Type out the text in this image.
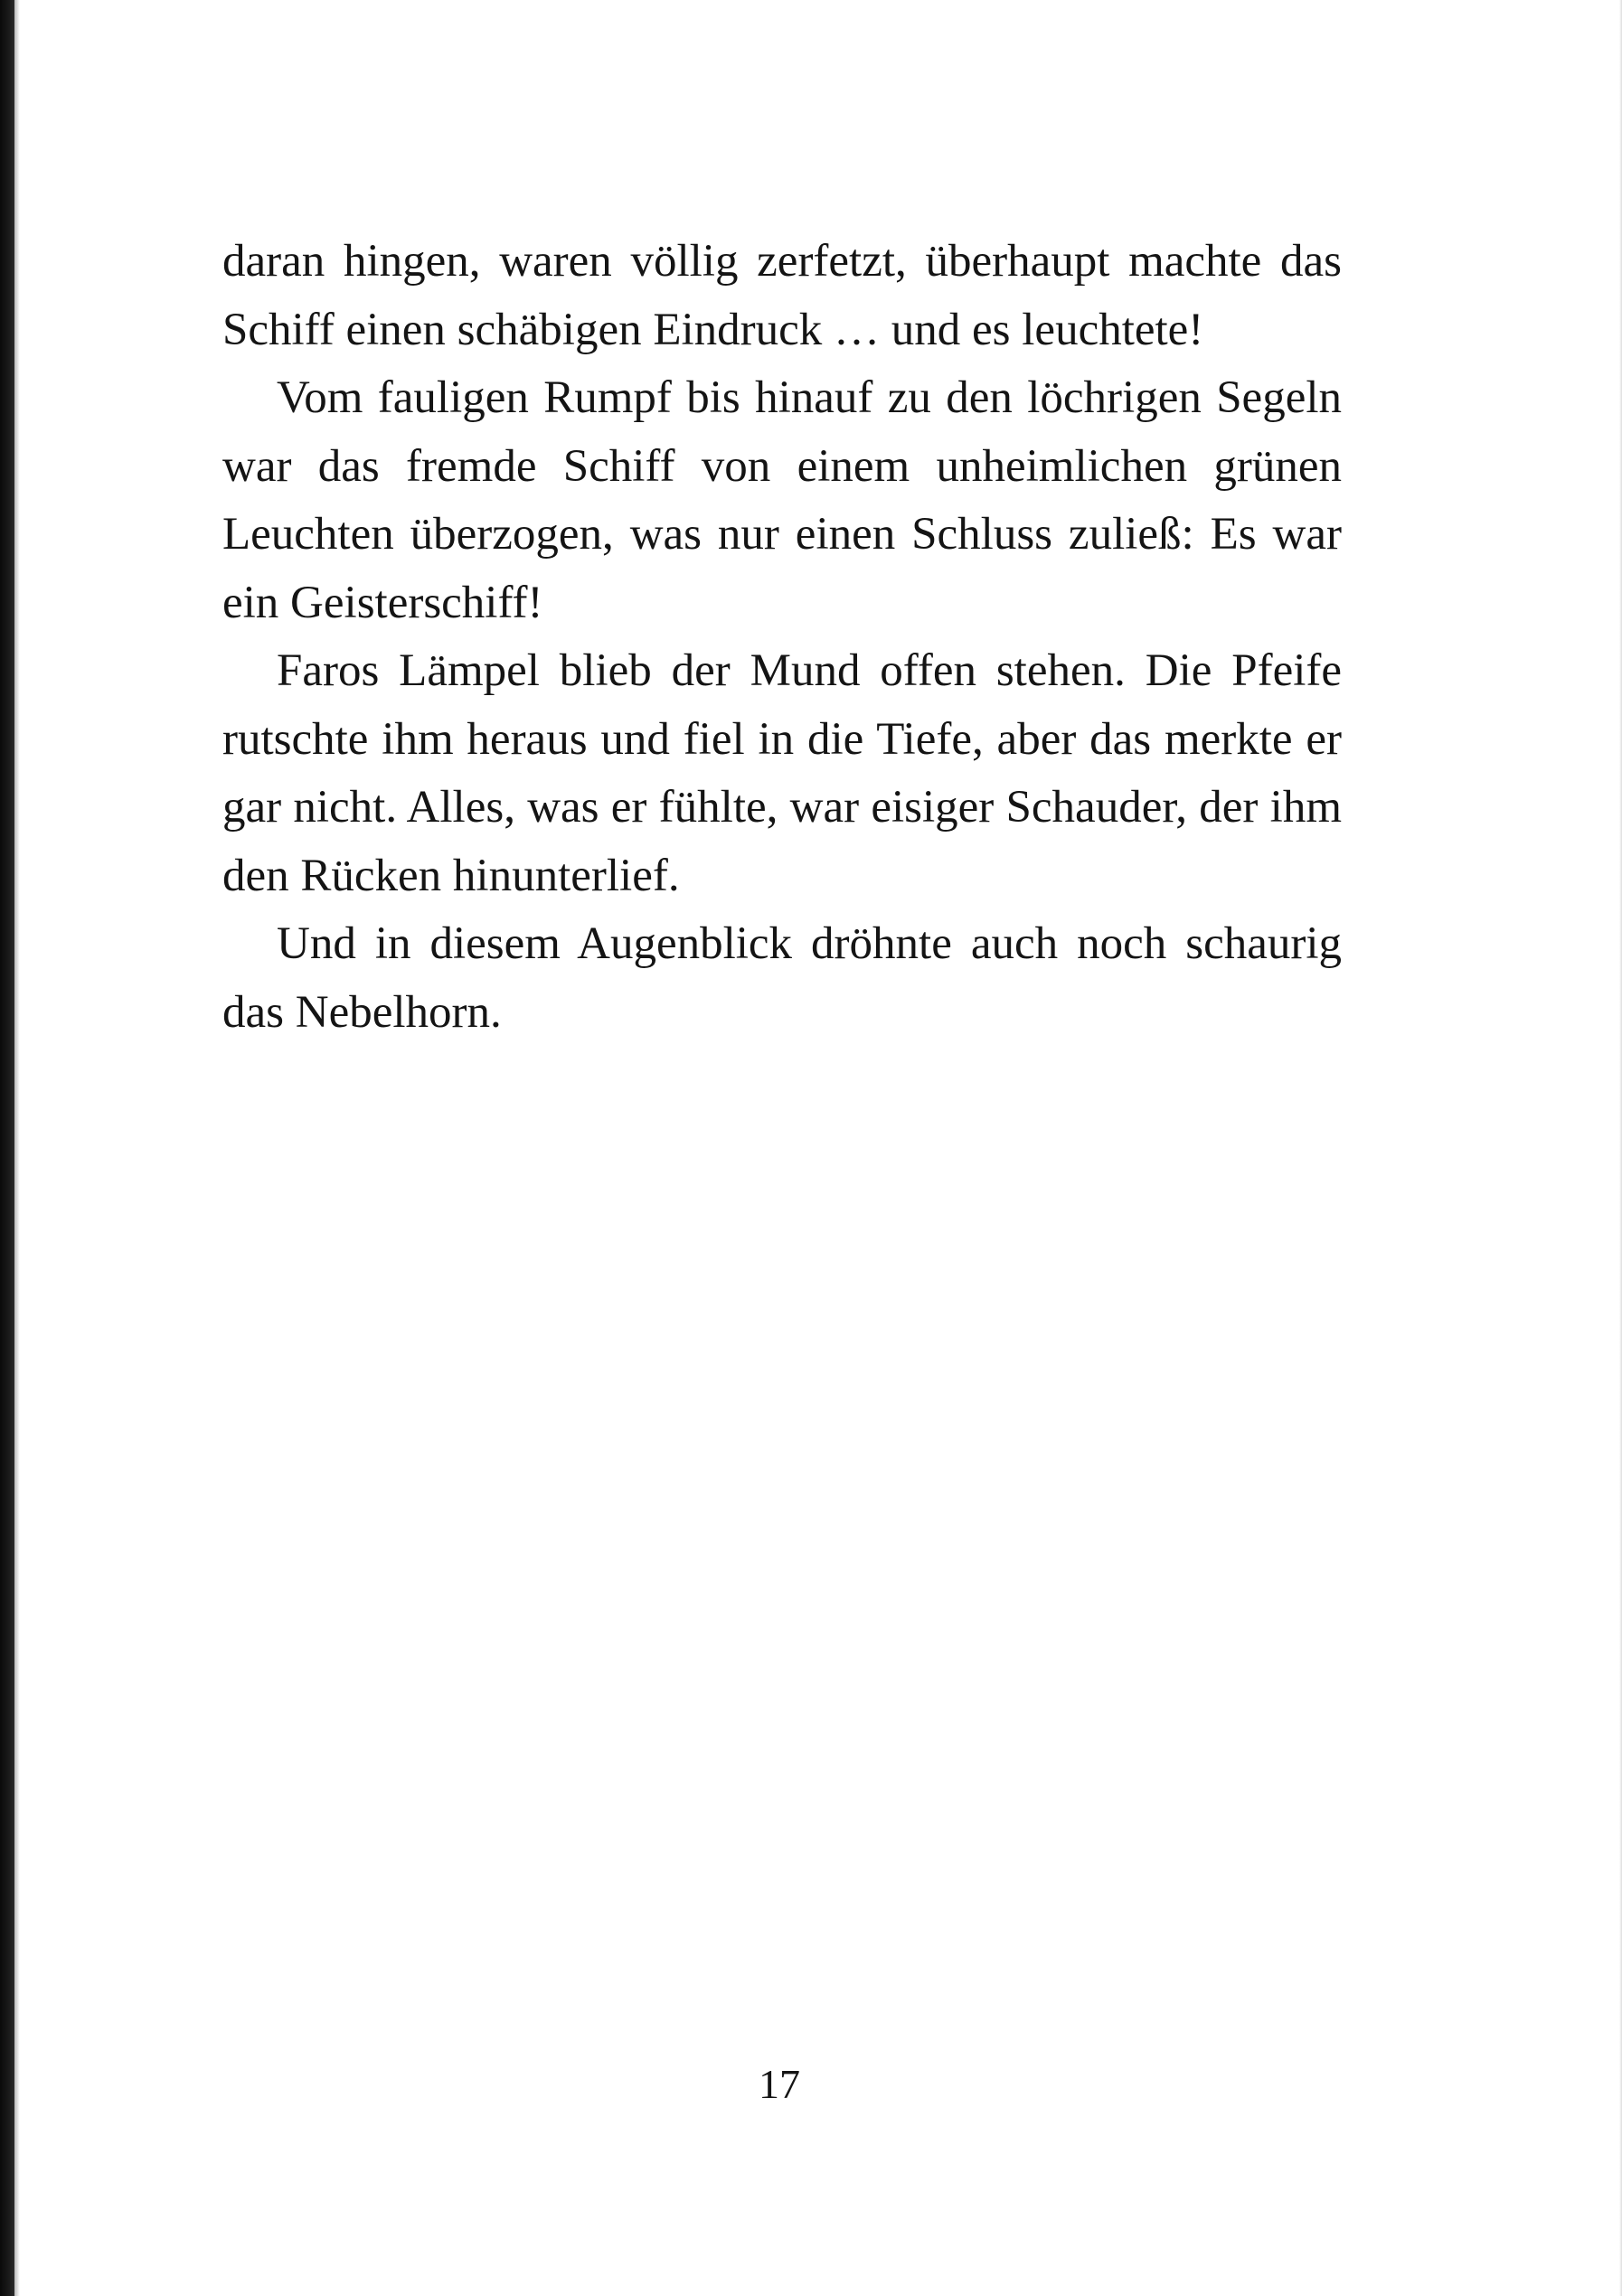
daran hingen, waren völlig zerfetzt, überhaupt machte das Schiff einen schäbigen Eindruck … und es leuchtete!

Vom fauligen Rumpf bis hinauf zu den löchrigen Segeln war das fremde Schiff von einem unheimlichen grünen Leuchten überzogen, was nur einen Schluss zuließ: Es war ein Geisterschiff!

Faros Lämpel blieb der Mund offen stehen. Die Pfeife rutschte ihm heraus und fiel in die Tiefe, aber das merkte er gar nicht. Alles, was er fühlte, war eisiger Schauder, der ihm den Rücken hinunterlief.

Und in diesem Augenblick dröhnte auch noch schaurig das Nebelhorn.

17
